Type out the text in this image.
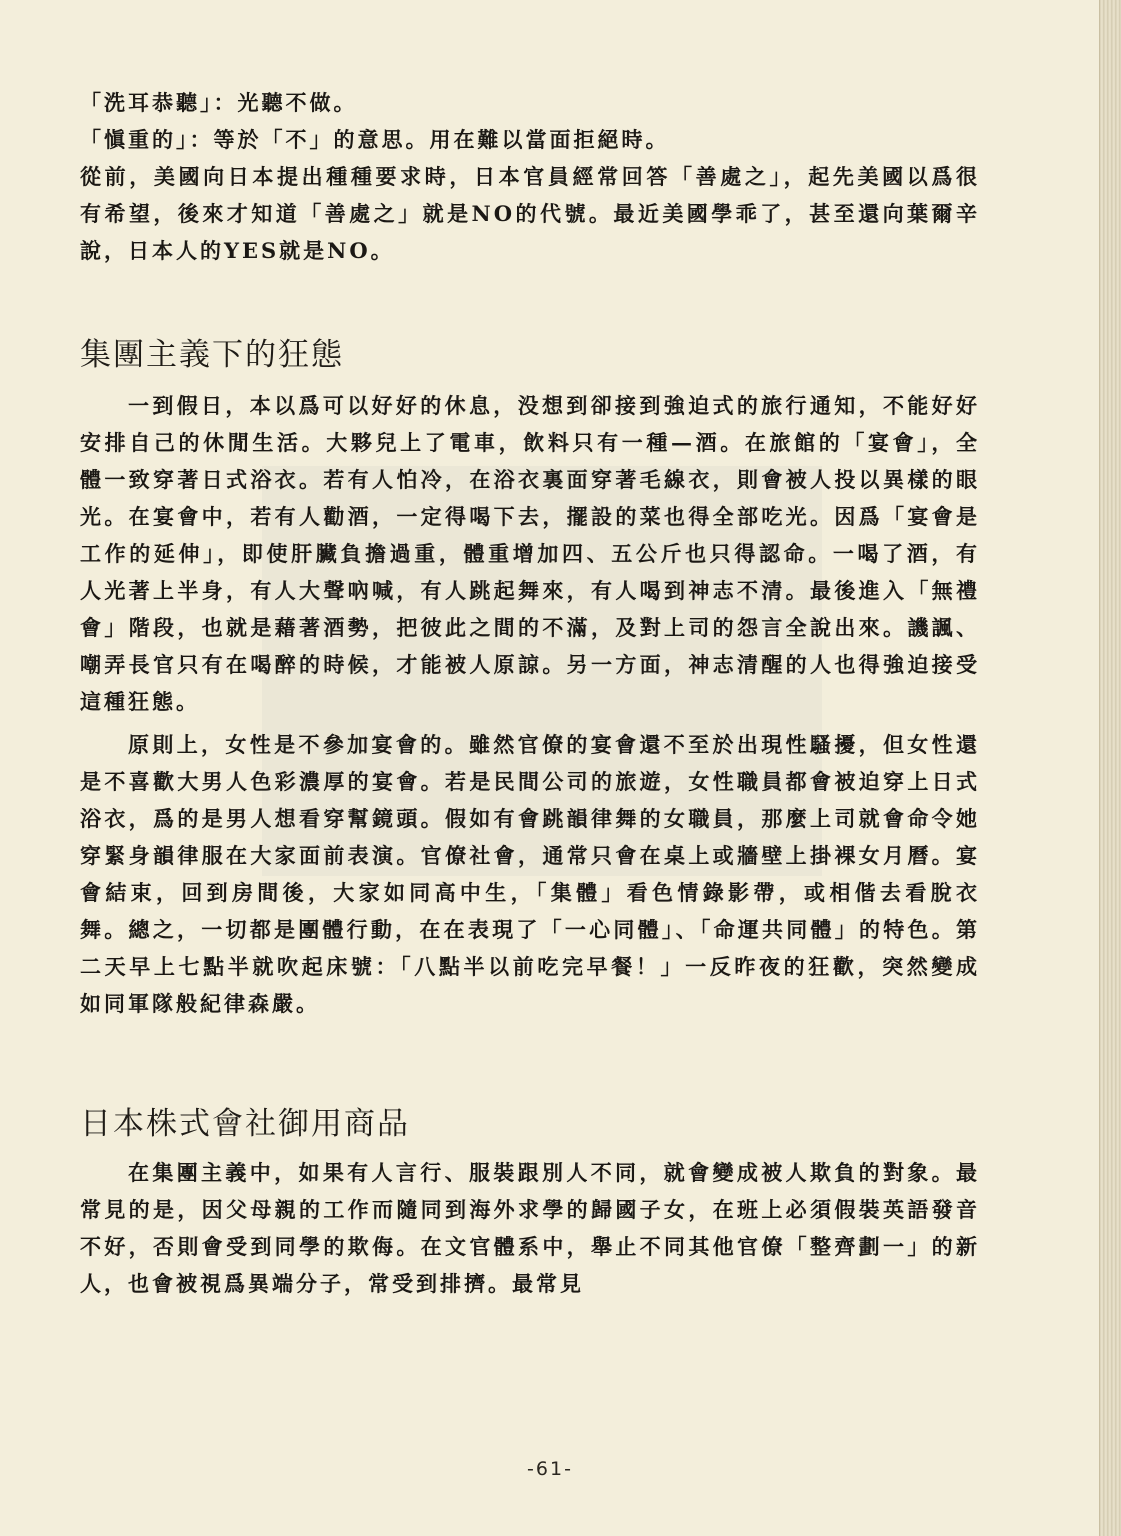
「洗耳恭聽」：光聽不做。

「愼重的」：等於「不」的意思。用在難以當面拒絕時。

從前，美國向日本提出種種要求時，日本官員經常回答「善處之」，起先美國以爲很有希望，後來才知道「善處之」就是NO的代號。最近美國學乖了，甚至還向葉爾辛說，日本人的YES就是NO。

集團主義下的狂態

一到假日，本以爲可以好好的休息，没想到卻接到強迫式的旅行通知，不能好好安排自己的休閒生活。大夥兒上了電車，飲料只有一種—酒。在旅館的「宴會」，全體一致穿著日式浴衣。若有人怕冷，在浴衣裏面穿著毛線衣，則會被人投以異樣的眼光。在宴會中，若有人勸酒，一定得喝下去，擺設的菜也得全部吃光。因爲「宴會是工作的延伸」，即使肝臟負擔過重，體重增加四、五公斤也只得認命。一喝了酒，有人光著上半身，有人大聲吶喊，有人跳起舞來，有人喝到神志不清。最後進入「無禮會」階段，也就是藉著酒勢，把彼此之間的不滿，及對上司的怨言全說出來。譏諷、嘲弄長官只有在喝醉的時候，才能被人原諒。另一方面，神志清醒的人也得強迫接受這種狂態。

原則上，女性是不參加宴會的。雖然官僚的宴會還不至於出現性騷擾，但女性還是不喜歡大男人色彩濃厚的宴會。若是民間公司的旅遊，女性職員都會被迫穿上日式浴衣，爲的是男人想看穿幫鏡頭。假如有會跳韻律舞的女職員，那麼上司就會命令她穿緊身韻律服在大家面前表演。官僚社會，通常只會在桌上或牆壁上掛裸女月曆。宴會結束，回到房間後，大家如同高中生，「集體」看色情錄影帶，或相偕去看脫衣舞。總之，一切都是團體行動，在在表現了「一心同體」、「命運共同體」的特色。第二天早上七點半就吹起床號：「八點半以前吃完早餐！」一反昨夜的狂歡，突然變成如同軍隊般紀律森嚴。

日本株式會社御用商品

在集團主義中，如果有人言行、服裝跟別人不同，就會變成被人欺負的對象。最常見的是，因父母親的工作而隨同到海外求學的歸國子女，在班上必須假裝英語發音不好，否則會受到同學的欺侮。在文官體系中，舉止不同其他官僚「整齊劃一」的新人，也會被視爲異端分子，常受到排擠。最常見

-61-
